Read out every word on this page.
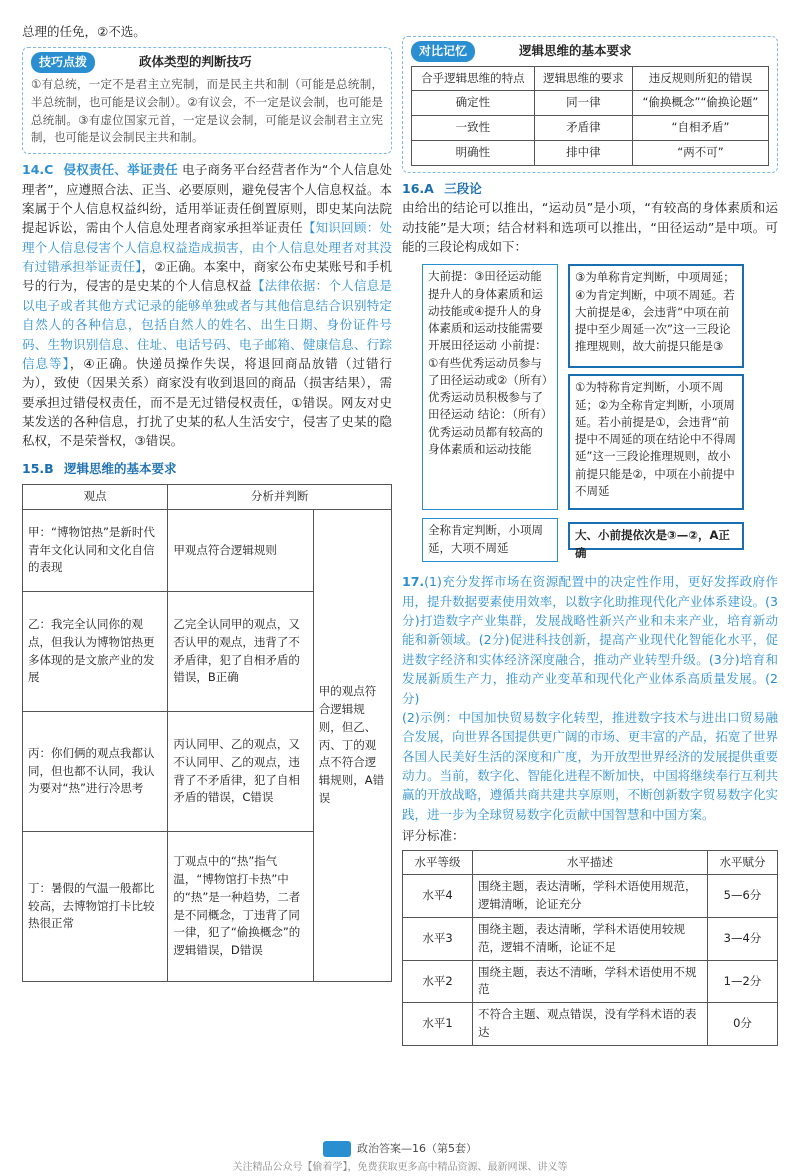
总理的任免，②不选。
技巧点拨	政体类型的判断技巧
①有总统，一定不是君主立宪制，而是民主共和制（可能是总统制，半总统制，也可能是议会制）。②有议会，不一定是议会制，也可能是总统制。③有虚位国家元首，一定是议会制，可能是议会制君主立宪制，也可能是议会制民主共和制。
14.C 侵权责任、举证责任 电子商务平台经营者作为“个人信息处理者”，应遵照合法、正当、必要原则，避免侵害个人信息权益。本案属于个人信息权益纠纷，适用举证责任倒置原则，即史某向法院提起诉讼，需由个人信息处理者商家承担举证责任【知识回顾：处理个人信息侵害个人信息权益造成损害，由个人信息处理者对其没有过错承担举证责任】，②正确。本案中，商家公布史某账号和手机号的行为，侵害的是史某的个人信息权益【法律依据：个人信息是以电子或者其他方式记录的能够单独或者与其他信息结合识别特定自然人的各种信息，包括自然人的姓名、出生日期、身份证件号码、生物识别信息、住址、电话号码、电子邮箱、健康信息、行踪信息等】，④正确。快递员操作失误，将退回商品放错（过错行为），致使（因果关系）商家没有收到退回的商品（损害结果），需要承担过错侵权责任，而不是无过错侵权责任，①错误。网友对史某发送的各种信息，打扰了史某的私人生活安宁，侵害了史某的隐私权，不是荣誉权，③错误。
15.B 逻辑思维的基本要求
观点	分析并判断	
甲：“博物馆热”是新时代青年文化认同和文化自信的表现	甲观点符合逻辑规则	甲的观点符合逻辑规则，但乙、丙、丁的观点不符合逻辑规则，A错误
乙：我完全认同你的观点，但我认为博物馆热更多体现的是文旅产业的发展	乙完全认同甲的观点，又否认甲的观点，违背了不矛盾律，犯了自相矛盾的错误，B正确	
丙：你们俩的观点我都认同，但也都不认同，我认为要对“热”进行冷思考	丙认同甲、乙的观点，又不认同甲、乙的观点，违背了不矛盾律，犯了自相矛盾的错误，C错误	
丁：暑假的气温一般都比较高，去博物馆打卡比较热很正常	丁观点中的“热”指气温，“博物馆打卡热”中的“热”是一种趋势，二者是不同概念，丁违背了同一律，犯了“偷换概念”的逻辑错误，D错误	
对比记忆	逻辑思维的基本要求
合乎逻辑思维的特点	逻辑思维的要求	违反规则所犯的错误
确定性	同一律	“偷换概念”“偷换论题”
一致性	矛盾律	“自相矛盾”
明确性	排中律	“两不可”
16.A 三段论
由给出的结论可以推出，“运动员”是小项，“有较高的身体素质和运动技能”是大项；结合材料和选项可以推出，“田径运动”是中项。可能的三段论构成如下：
大前提：③田径运动能提升人的身体素质和运动技能或④提升人的身体素质和运动技能需要开展田径运动 小前提：①有些优秀运动员参与了田径运动或②（所有）优秀运动员积极参与了田径运动 结论：（所有）优秀运动员都有较高的身体素质和运动技能
③为单称肯定判断，中项周延；④为肯定判断，中项不周延。若大前提是④，会违背“中项在前提中至少周延一次”这一三段论推理规则，故大前提只能是③
①为特称肯定判断，小项不周延；②为全称肯定判断，小项周延。若小前提是①，会违背“前提中不周延的项在结论中不得周延”这一三段论推理规则，故小前提只能是②，中项在小前提中不周延
全称肯定判断，小项周延，大项不周延
大、小前提依次是③—②，A正确
17.(1)充分发挥市场在资源配置中的决定性作用，更好发挥政府作用，提升数据要素使用效率，以数字化助推现代化产业体系建设。(3分)打造数字产业集群，发展战略性新兴产业和未来产业，培育新动能和新领域。(2分)促进科技创新，提高产业现代化智能化水平，促进数字经济和实体经济深度融合，推动产业转型升级。(3分)培育和发展新质生产力，推动产业变革和现代化产业体系高质量发展。(2分)
(2)示例：中国加快贸易数字化转型，推进数字技术与进出口贸易融合发展，向世界各国提供更广阔的市场、更丰富的产品，拓宽了世界各国人民美好生活的深度和广度，为开放型世界经济的发展提供重要动力。当前，数字化、智能化进程不断加快，中国将继续奉行互利共赢的开放战略，遵循共商共建共享原则，不断创新数字贸易数字化实践，进一步为全球贸易数字化贡献中国智慧和中国方案。
评分标准：
水平等级	水平描述	水平赋分
水平4	围绕主题，表达清晰，学科术语使用规范，逻辑清晰，论证充分	5—6分
水平3	围绕主题，表达清晰，学科术语使用较规范，逻辑不清晰，论证不足	3—4分
水平2	围绕主题，表达不清晰，学科术语使用不规范	1—2分
水平1	不符合主题、观点错误，没有学科术语的表达	0分
政治答案—16（第5套）
关注精品公众号【偷着学】，免费获取更多高中精品资源、最新网课、讲义等
